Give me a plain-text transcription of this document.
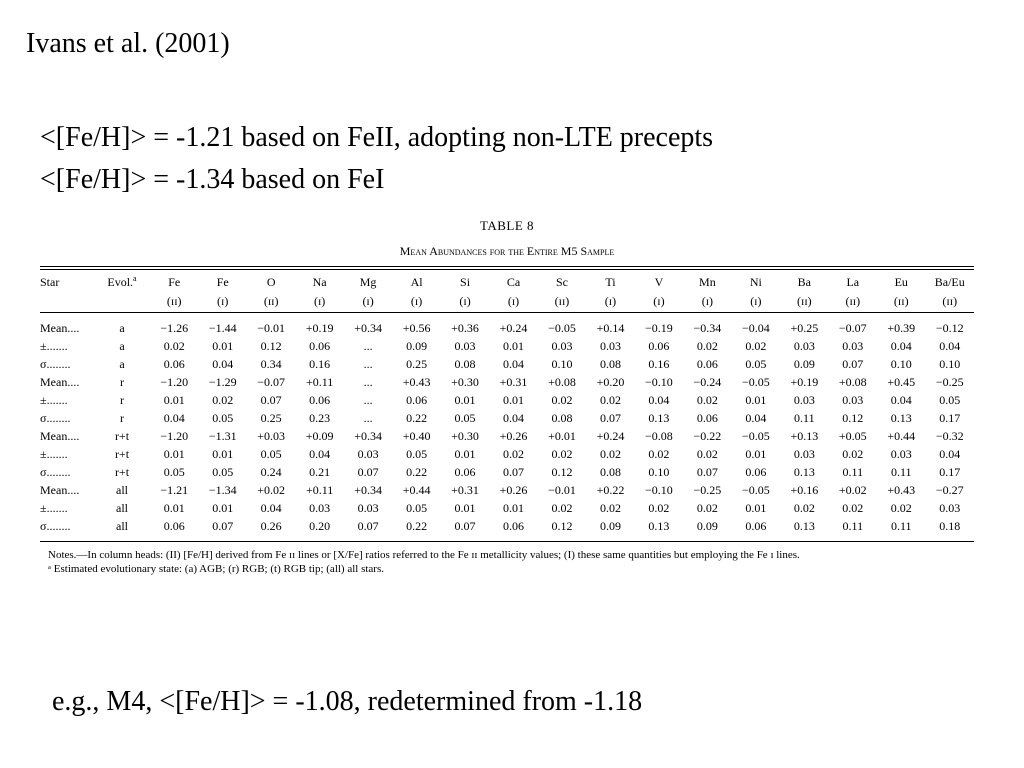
Ivans et al. (2001)
<[Fe/H]> = -1.21 based on FeII, adopting non-LTE precepts
<[Fe/H]> = -1.34 based on FeI
TABLE 8
Mean Abundances for the Entire M5 Sample
Star	Evol.$^a$	Fe	Fe	O	Na	Mg	Al	Si	Ca	Sc	Ti	V	Mn	Ni	Ba	La	Eu	Ba/Eu
		(ɪɪ)	(ɪ)	(ɪɪ)	(ɪ)	(ɪ)	(ɪ)	(ɪ)	(ɪ)	(ɪɪ)	(ɪ)	(ɪ)	(ɪ)	(ɪ)	(ɪɪ)	(ɪɪ)	(ɪɪ)	(ɪɪ)
Mean....	a	−1.26	−1.44	−0.01	+0.19	+0.34	+0.56	+0.36	+0.24	−0.05	+0.14	−0.19	−0.34	−0.04	+0.25	−0.07	+0.39	−0.12
±.......	a	0.02	0.01	0.12	0.06	...	0.09	0.03	0.01	0.03	0.03	0.06	0.02	0.02	0.03	0.03	0.04	0.04
σ........	a	0.06	0.04	0.34	0.16	...	0.25	0.08	0.04	0.10	0.08	0.16	0.06	0.05	0.09	0.07	0.10	0.10
Mean....	r	−1.20	−1.29	−0.07	+0.11	...	+0.43	+0.30	+0.31	+0.08	+0.20	−0.10	−0.24	−0.05	+0.19	+0.08	+0.45	−0.25
±.......	r	0.01	0.02	0.07	0.06	...	0.06	0.01	0.01	0.02	0.02	0.04	0.02	0.01	0.03	0.03	0.04	0.05
σ........	r	0.04	0.05	0.25	0.23	...	0.22	0.05	0.04	0.08	0.07	0.13	0.06	0.04	0.11	0.12	0.13	0.17
Mean....	r+t	−1.20	−1.31	+0.03	+0.09	+0.34	+0.40	+0.30	+0.26	+0.01	+0.24	−0.08	−0.22	−0.05	+0.13	+0.05	+0.44	−0.32
±.......	r+t	0.01	0.01	0.05	0.04	0.03	0.05	0.01	0.02	0.02	0.02	0.02	0.02	0.01	0.03	0.02	0.03	0.04
σ........	r+t	0.05	0.05	0.24	0.21	0.07	0.22	0.06	0.07	0.12	0.08	0.10	0.07	0.06	0.13	0.11	0.11	0.17
Mean....	all	−1.21	−1.34	+0.02	+0.11	+0.34	+0.44	+0.31	+0.26	−0.01	+0.22	−0.10	−0.25	−0.05	+0.16	+0.02	+0.43	−0.27
±.......	all	0.01	0.01	0.04	0.03	0.03	0.05	0.01	0.01	0.02	0.02	0.02	0.02	0.01	0.02	0.02	0.02	0.03
σ........	all	0.06	0.07	0.26	0.20	0.07	0.22	0.07	0.06	0.12	0.09	0.13	0.09	0.06	0.13	0.11	0.11	0.18
Notes.—In column heads: (II) [Fe/H] derived from Fe ɪɪ lines or [X/Fe] ratios referred to the Fe ɪɪ metallicity values; (I) these same quantities but employing the Fe ɪ lines.
ᵃ Estimated evolutionary state: (a) AGB; (r) RGB; (t) RGB tip; (all) all stars.
e.g., M4, <[Fe/H]> = -1.08, redetermined from -1.18
